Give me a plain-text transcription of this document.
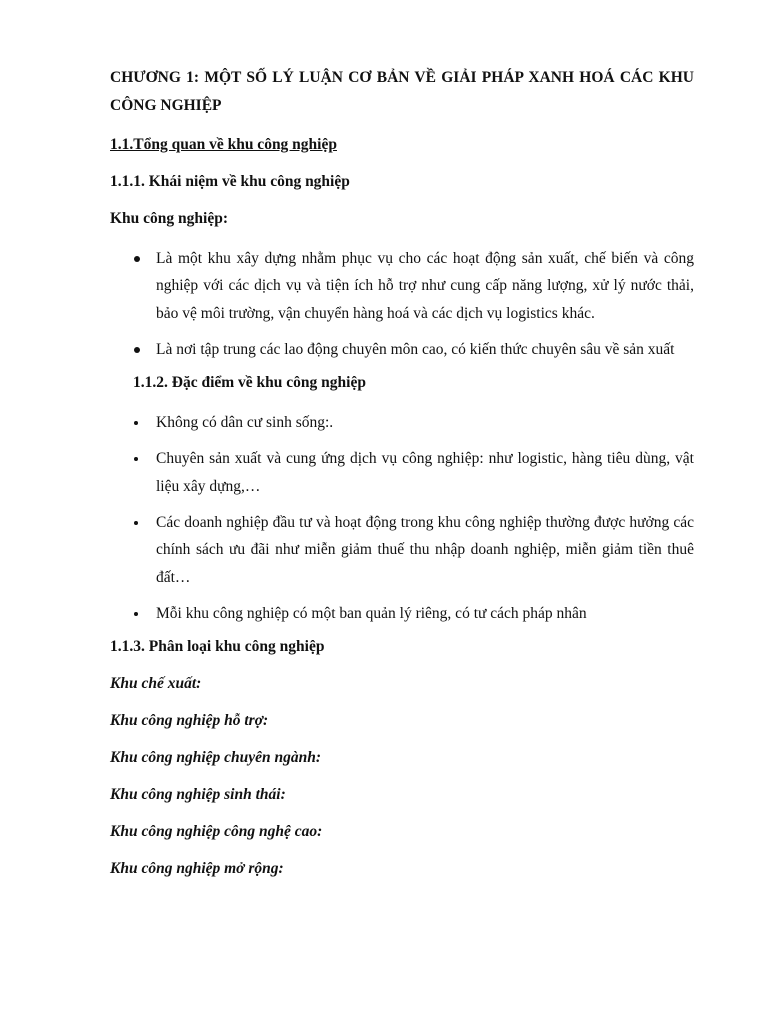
CHƯƠNG 1: MỘT SỐ LÝ LUẬN CƠ BẢN VỀ GIẢI PHÁP XANH HOÁ CÁC KHU CÔNG NGHIỆP
1.1.Tổng quan về khu công nghiệp
1.1.1. Khái niệm về khu công nghiệp
Khu công nghiệp:
Là một khu xây dựng nhằm phục vụ cho các hoạt động sản xuất, chế biến và công nghiệp với các dịch vụ và tiện ích hỗ trợ như cung cấp năng lượng, xử lý nước thải, bảo vệ môi trường, vận chuyển hàng hoá và các dịch vụ logistics khác.
Là nơi tập trung các lao động chuyên môn cao, có kiến thức chuyên sâu về sản xuất
1.1.2. Đặc điểm về khu công nghiệp
Không có dân cư sinh sống:.
Chuyên sản xuất và cung ứng dịch vụ công nghiệp: như logistic, hàng tiêu dùng, vật liệu xây dựng,…
Các doanh nghiệp đầu tư và hoạt động trong khu công nghiệp thường được hưởng các chính sách ưu đãi như miễn giảm thuế thu nhập doanh nghiệp, miễn giảm tiền thuê đất…
Mỗi khu công nghiệp có một ban quản lý riêng, có tư cách pháp nhân
1.1.3. Phân loại khu công nghiệp
Khu chế xuất:
Khu công nghiệp hỗ trợ:
Khu công nghiệp chuyên ngành:
Khu công nghiệp sinh thái:
Khu công nghiệp công nghệ cao:
Khu công nghiệp mở rộng:
